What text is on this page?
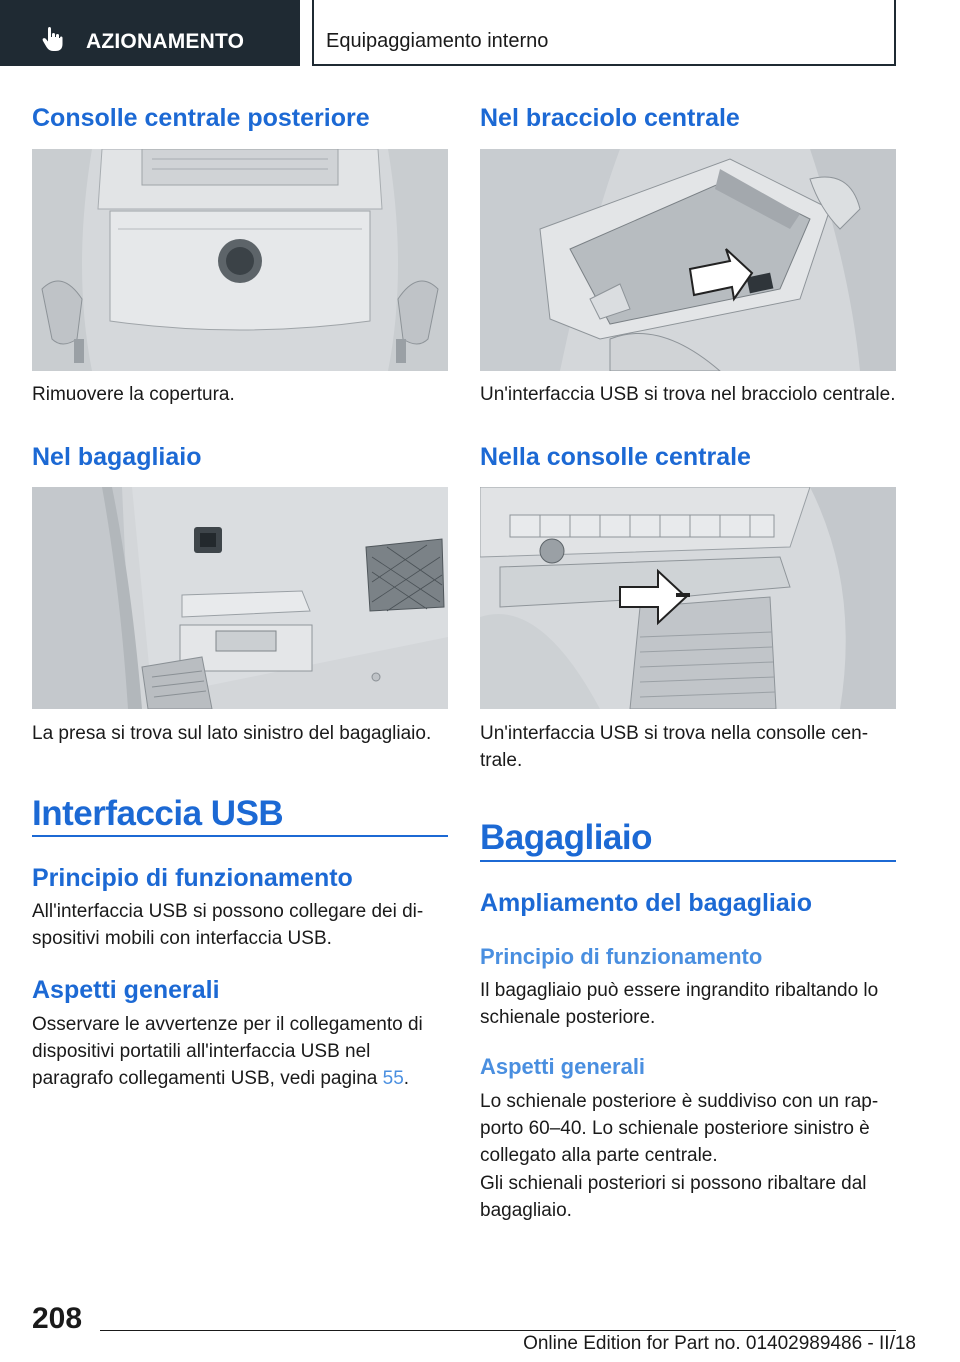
AZIONAMENTO	Equipaggiamento interno
Consolle centrale posteriore

Rimuovere la copertura.

Nel bagagliaio

La presa si trova sul lato sinistro del bagagliaio.

Interfaccia USB
Principio di funzionamento

All'interfaccia USB si possono collegare dei dispositivi mobili con interfaccia USB.

Aspetti generali

Osservare le avvertenze per il collegamento di dispositivi portatili all'interfaccia USB nel paragrafo collegamenti USB, vedi pagina 55.

Nel bracciolo centrale

Un'interfaccia USB si trova nel bracciolo centrale.

Nella consolle centrale

Un'interfaccia USB si trova nella consolle centrale.

Bagagliaio
Ampliamento del bagagliaio
Principio di funzionamento

Il bagagliaio può essere ingrandito ribaltando lo schienale posteriore.

Aspetti generali

Lo schienale posteriore è suddiviso con un rapporto 60–40. Lo schienale posteriore sinistro è collegato alla parte centrale.

Gli schienali posteriori si possono ribaltare dal bagagliaio.

208
Online Edition for Part no. 01402989486 - II/18
